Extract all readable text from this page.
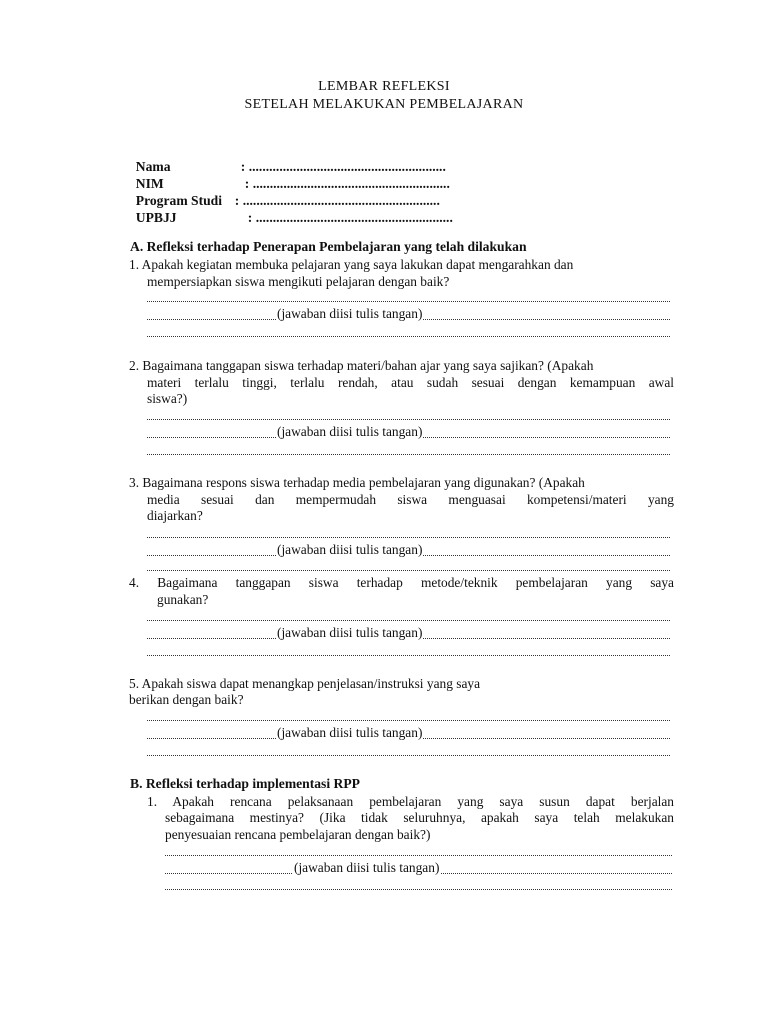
LEMBAR REFLEKSI
SETELAH MELAKUKAN PEMBELAJARAN

Nama	: ..........................................................

NIM	: ..........................................................

Program Studi : ..........................................................

UPBJJ	: ..........................................................

A. Refleksi terhadap Penerapan Pembelajaran yang telah dilakukan
1. Apakah kegiatan membuka pelajaran yang saya lakukan dapat mengarahkan dan
mempersiapkan siswa mengikuti pelajaran dengan baik?
(jawaban diisi tulis tangan)
2. Bagaimana tanggapan siswa terhadap materi/bahan ajar yang saya sajikan? (Apakah
materi terlalu tinggi, terlalu rendah, atau sudah sesuai dengan kemampuan awal
siswa?)
(jawaban diisi tulis tangan)
3. Bagaimana respons siswa terhadap media pembelajaran yang digunakan? (Apakah
media sesuai dan mempermudah siswa menguasai kompetensi/materi yang
diajarkan?
(jawaban diisi tulis tangan)
4. Bagaimana tanggapan siswa terhadap metode/teknik pembelajaran yang saya
gunakan?
(jawaban diisi tulis tangan)
5. Apakah siswa dapat menangkap penjelasan/instruksi yang saya
berikan dengan baik?
(jawaban diisi tulis tangan)
B. Refleksi terhadap implementasi RPP
1. Apakah rencana pelaksanaan pembelajaran yang saya susun dapat berjalan
sebagaimana mestinya? (Jika tidak seluruhnya, apakah saya telah melakukan
penyesuaian rencana pembelajaran dengan baik?)
(jawaban diisi tulis tangan)
